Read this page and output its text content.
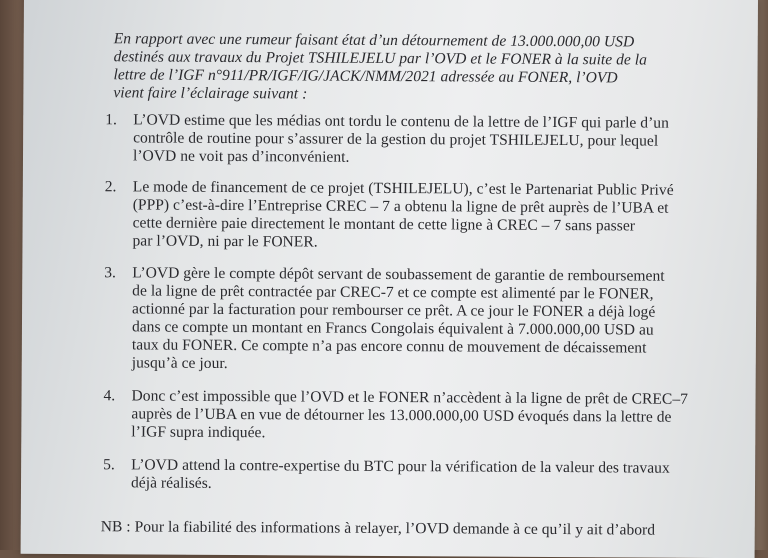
En rapport avec une rumeur faisant état d’un détournement de 13.000.000,00 USD
destinés aux travaux du Projet TSHILEJELU par l’OVD et le FONER à la suite de la
lettre de l’IGF n°911/PR/IGF/IG/JACK/NMM/2021 adressée au FONER, l’OVD
vient faire l’éclairage suivant :
1. L’OVD estime que les médias ont tordu le contenu de la lettre de l’IGF qui parle d’un
contrôle de routine pour s’assurer de la gestion du projet TSHILEJELU, pour lequel
l’OVD ne voit pas d’inconvénient.
2. Le mode de financement de ce projet (TSHILEJELU), c’est le Partenariat Public Privé
(PPP) c’est-à-dire l’Entreprise CREC – 7 a obtenu la ligne de prêt auprès de l’UBA et
cette dernière paie directement le montant de cette ligne à CREC – 7 sans passer
par l’OVD, ni par le FONER.
3. L’OVD gère le compte dépôt servant de soubassement de garantie de remboursement
de la ligne de prêt contractée par CREC-7 et ce compte est alimenté par le FONER,
actionné par la facturation pour rembourser ce prêt. A ce jour le FONER a déjà logé
dans ce compte un montant en Francs Congolais équivalent à 7.000.000,00 USD au
taux du FONER. Ce compte n’a pas encore connu de mouvement de décaissement
jusqu’à ce jour.
4. Donc c’est impossible que l’OVD et le FONER n’accèdent à la ligne de prêt de CREC–7
auprès de l’UBA en vue de détourner les 13.000.000,00 USD évoqués dans la lettre de
l’IGF supra indiquée.
5. L’OVD attend la contre-expertise du BTC pour la vérification de la valeur des travaux
déjà réalisés.
NB : Pour la fiabilité des informations à relayer, l’OVD demande à ce qu’il y ait d’abord
